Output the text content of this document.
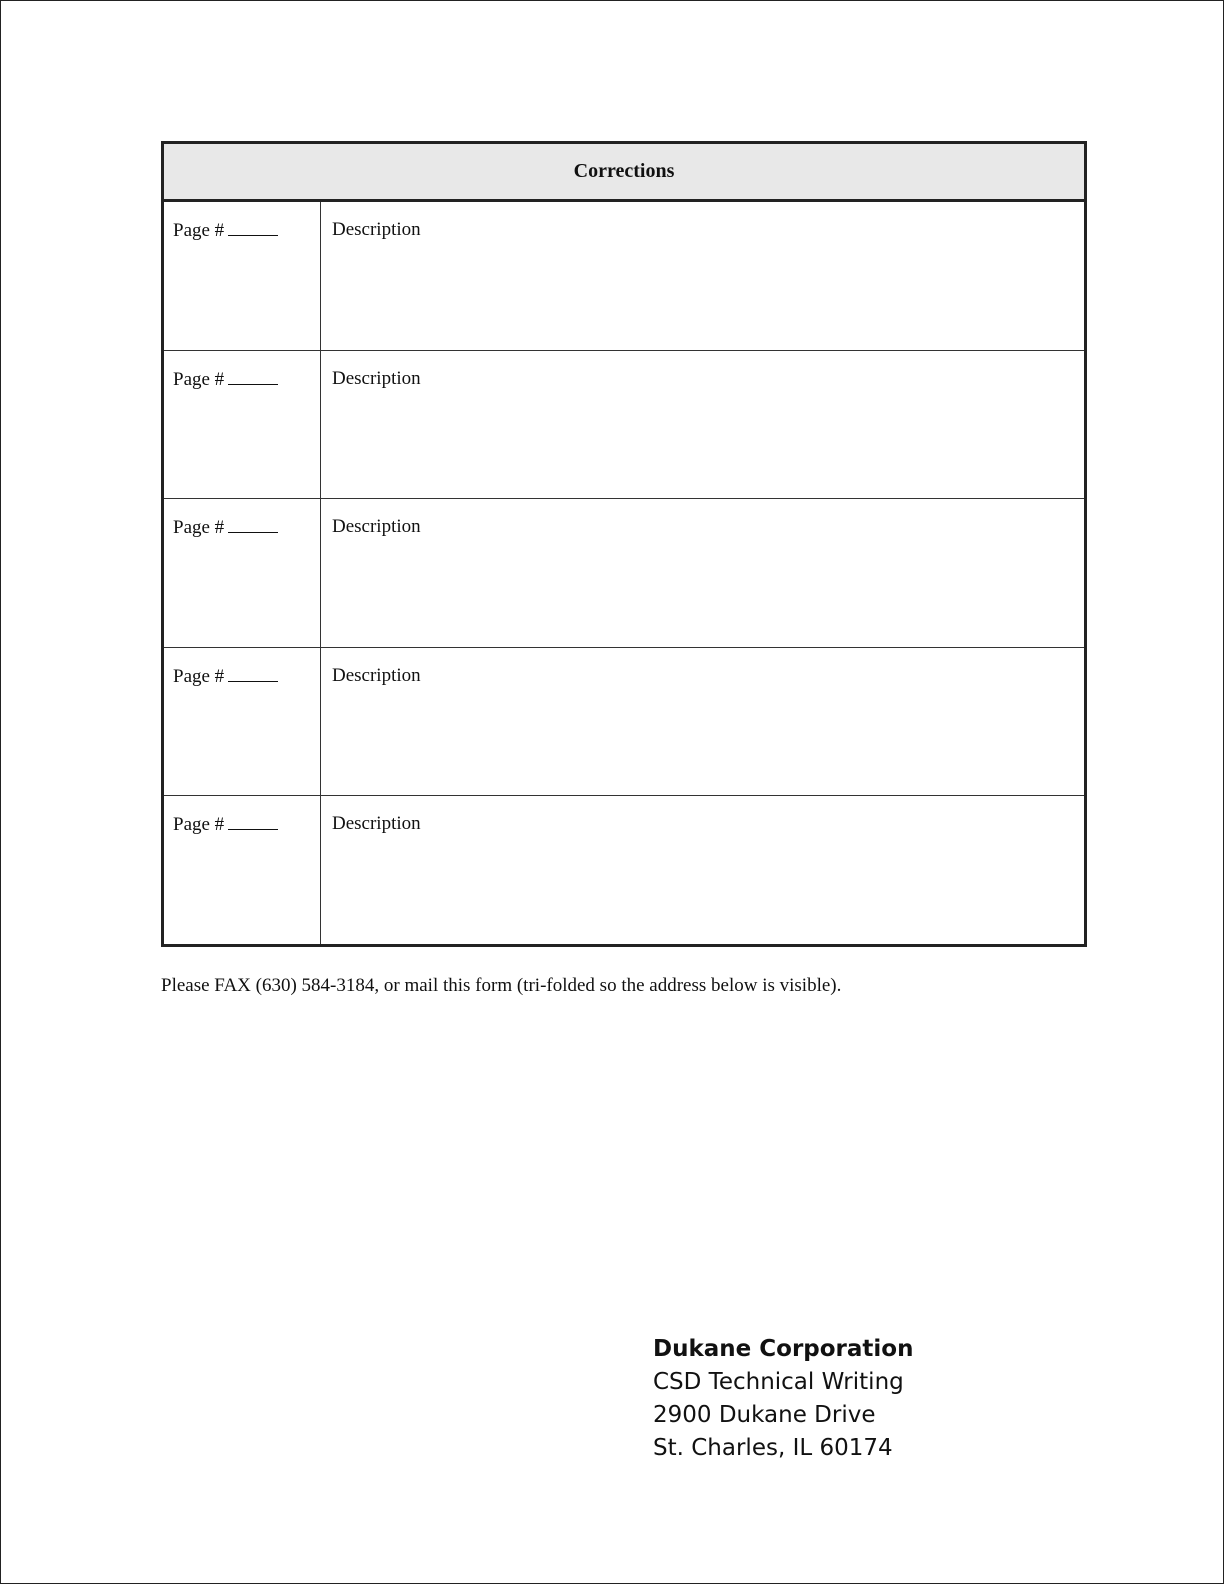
Corrections
Page #	Description
Page #	Description
Page #	Description
Page #	Description
Page #	Description

Please FAX (630) 584-3184, or mail this form (tri-folded so the address below is visible).

Dukane Corporation
CSD Technical Writing
2900 Dukane Drive
St. Charles, IL 60174
